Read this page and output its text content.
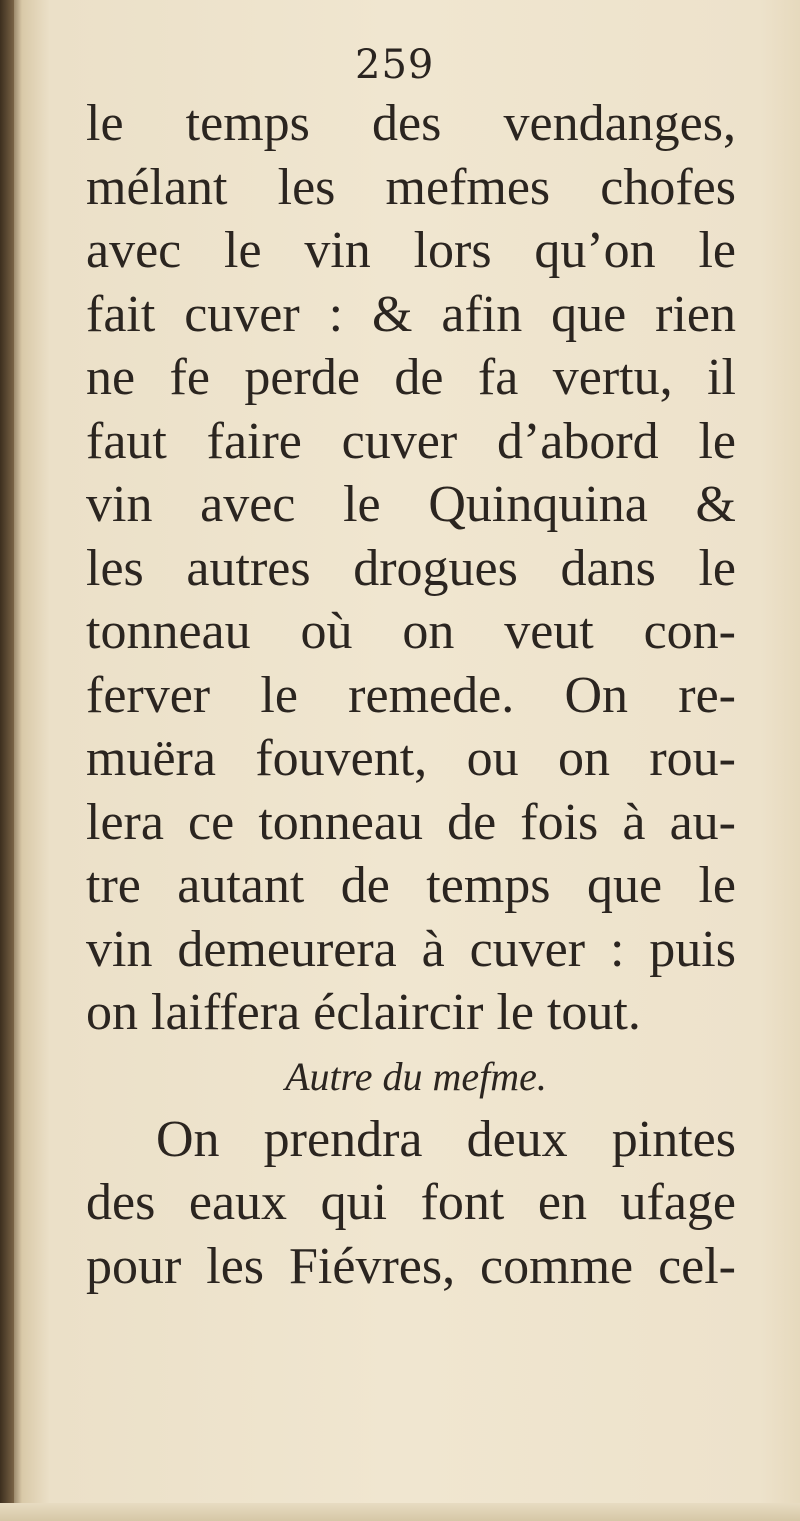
259
le temps des vendanges,
mélant les mefmes chofes
avec le vin lors qu’on le
fait cuver : & afin que rien
ne fe perde de fa vertu, il
faut faire cuver d’abord le
vin avec le Quinquina &
les autres drogues dans le
tonneau où on veut con-
ferver le remede. On re-
muëra fouvent, ou on rou-
lera ce tonneau de fois à au-
tre autant de temps que le
vin demeurera à cuver : puis
on laiffera éclaircir le tout.
Autre du mefme.
On prendra deux pintes
des eaux qui font en ufage
pour les Fiévres, comme cel-
